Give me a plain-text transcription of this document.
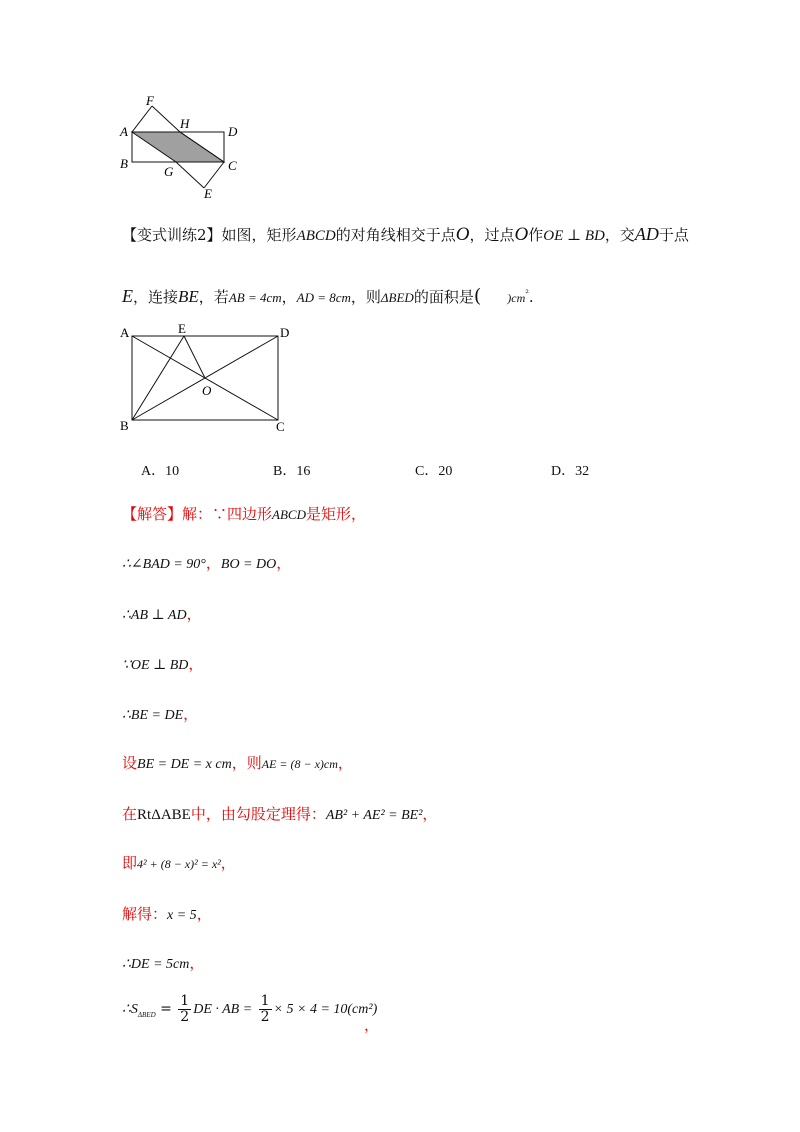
F
H
A	D
B	C
G
E
【变式训练2】如图，矩形ABCD的对角线相交于点O，过点O作OE ⊥ BD，交AD于点
E，连接BE，若AB = 4cm，AD = 8cm，则ΔBED的面积是( )$cm^{^2}$.
A	E	D
O
B	C
A．10	B．16	C．20	D．32
【解答】解：∵四边形ABCD是矩形，
∴∠BAD = 90°，BO = DO，
∴AB ⊥ AD，
∵OE ⊥ BD，
∴BE = DE，
设BE = DE = x cm，则AE = (8 − x)cm，
在RtΔABE中，由勾股定理得：AB² + AE² = BE²，
即4² + (8 − x)² = x²，
解得：x = 5，
∴DE = 5cm，
$\therefore S_{\Delta BED} = \frac{1}{2}$ DE · AB = $\frac{1}{2} \times 5 \times 4 = 10(cm^2)$
，
